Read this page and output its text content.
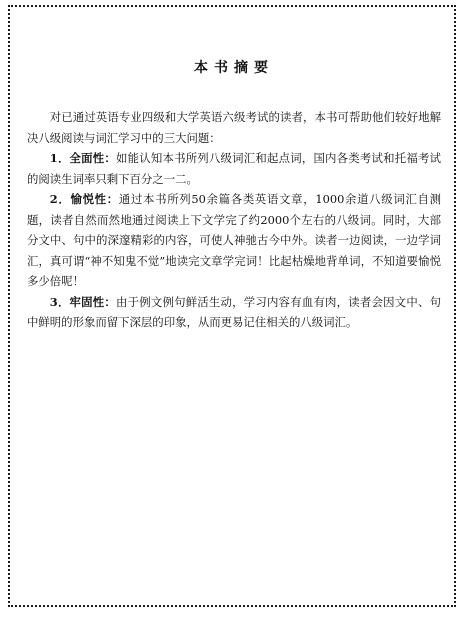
本书摘要

对已通过英语专业四级和大学英语六级考试的读者，本书可帮助他们较好地解决八级阅读与词汇学习中的三大问题：

1．全面性：如能认知本书所列八级词汇和起点词，国内各类考试和托福考试的阅读生词率只剩下百分之一二。

2．愉悦性：通过本书所列50余篇各类英语文章，1000余道八级词汇自测题，读者自然而然地通过阅读上下文学完了约2000个左右的八级词。同时，大部分文中、句中的深邃精彩的内容，可使人神驰古今中外。读者一边阅读，一边学词汇，真可谓“神不知鬼不觉”地读完文章学完词！比起枯燥地背单词，不知道要愉悦多少倍呢！

3．牢固性：由于例文例句鲜活生动，学习内容有血有肉，读者会因文中、句中鲜明的形象而留下深层的印象，从而更易记住相关的八级词汇。
